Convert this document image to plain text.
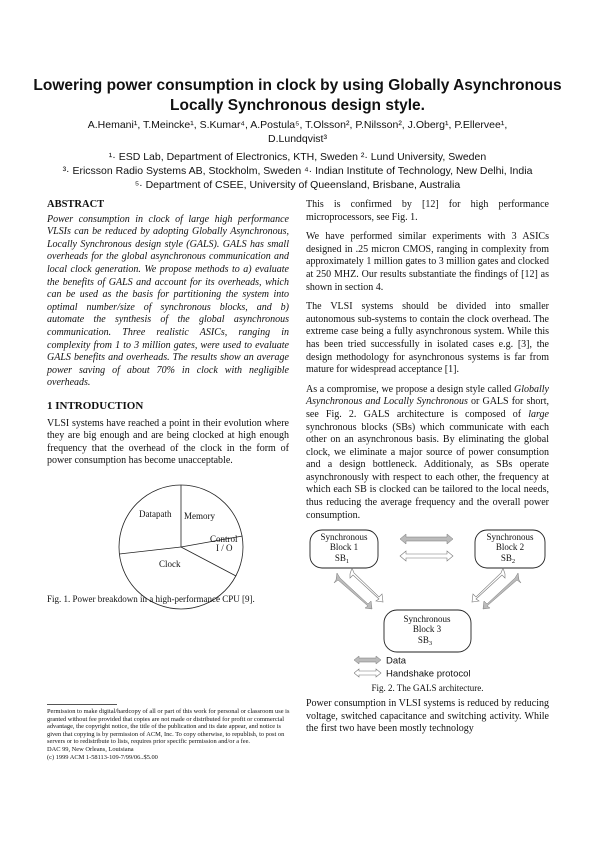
Lowering power consumption in clock by using Globally Asynchronous
Locally Synchronous design style.
A.Hemani¹, T.Meincke¹, S.Kumar⁴, A.Postula⁵, T.Olsson², P.Nilsson², J.Oberg¹, P.Ellervee¹,
D.Lundqvist³
¹· ESD Lab, Department of Electronics, KTH, Sweden ²· Lund University, Sweden
³· Ericsson Radio Systems AB, Stockholm, Sweden ⁴· Indian Institute of Technology, New Delhi, India
⁵· Department of CSEE, University of Queensland, Brisbane, Australia
ABSTRACT

Power consumption in clock of large high performance VLSIs can be reduced by adopting Globally Asynchronous, Locally Synchronous design style (GALS). GALS has small overheads for the global asynchronous communication and local clock generation. We propose methods to a) evaluate the benefits of GALS and account for its overheads, which can be used as the basis for partitioning the system into optimal number/size of synchronous blocks, and b) automate the synthesis of the global asynchronous communication. Three realistic ASICs, ranging in complexity from 1 to 3 million gates, were used to evaluate GALS benefits and overheads. The results show an average power saving of about 70% in clock with negligible overheads.

1 INTRODUCTION

VLSI systems have reached a point in their evolution where they are big enough and are being clocked at high enough frequency that the overhead of the clock in the form of power consumption has become unacceptable.

Datapath Memory
Control
I / O
Clock
Fig. 1. Power breakdown in a high-performance CPU [9].

This is confirmed by [12] for high performance microprocessors, see Fig. 1.

We have performed similar experiments with 3 ASICs designed in .25 micron CMOS, ranging in complexity from approximately 1 million gates to 3 million gates and clocked at 250 MHZ. Our results substantiate the findings of [12] as shown in section 4.

The VLSI systems should be divided into smaller autonomous sub-systems to contain the clock overhead. The extreme case being a fully asynchronous system. While this has been tried successfully in isolated cases e.g. [3], the design methodology for asynchronous systems is far from mature for widespread acceptance [1].

As a compromise, we propose a design style called Globally Asynchronous and Locally Synchronous or GALS for short, see Fig. 2. GALS architecture is composed of large synchronous blocks (SBs) which communicate with each other on an asynchronous basis. By eliminating the global clock, we eliminate a major source of power consumption and a design bottleneck. Additionaly, as SBs operate asynchronously with respect to each other, the frequency at which each SB is clocked can be tailored to the local needs, thus reducing the average frequency and the overall power consumption.

Synchronous
Block 1
$SB_1$
Synchronous
Block 2
$SB_2$
Synchronous
Block 3
$SB_3$
Data
Handshake protocol
Fig. 2. The GALS architecture.
Permission to make digital/hardcopy of all or part of this work for personal or classroom use is granted without fee provided that copies are not made or distributed for profit or commercial advantage, the copyright notice, the title of the publication and its date appear, and notice is given that copying is by permission of ACM, Inc. To copy otherwise, to republish, to post on servers or to redistribute to lists, requires prior specific permission and/or a fee.
DAC 99, New Orleans, Louisiana
(c) 1999 ACM 1-58113-109-7/99/06..$5.00
Power consumption in VLSI systems is reduced by reducing voltage, switched capacitance and switching activity. While the first two have been mostly technology
